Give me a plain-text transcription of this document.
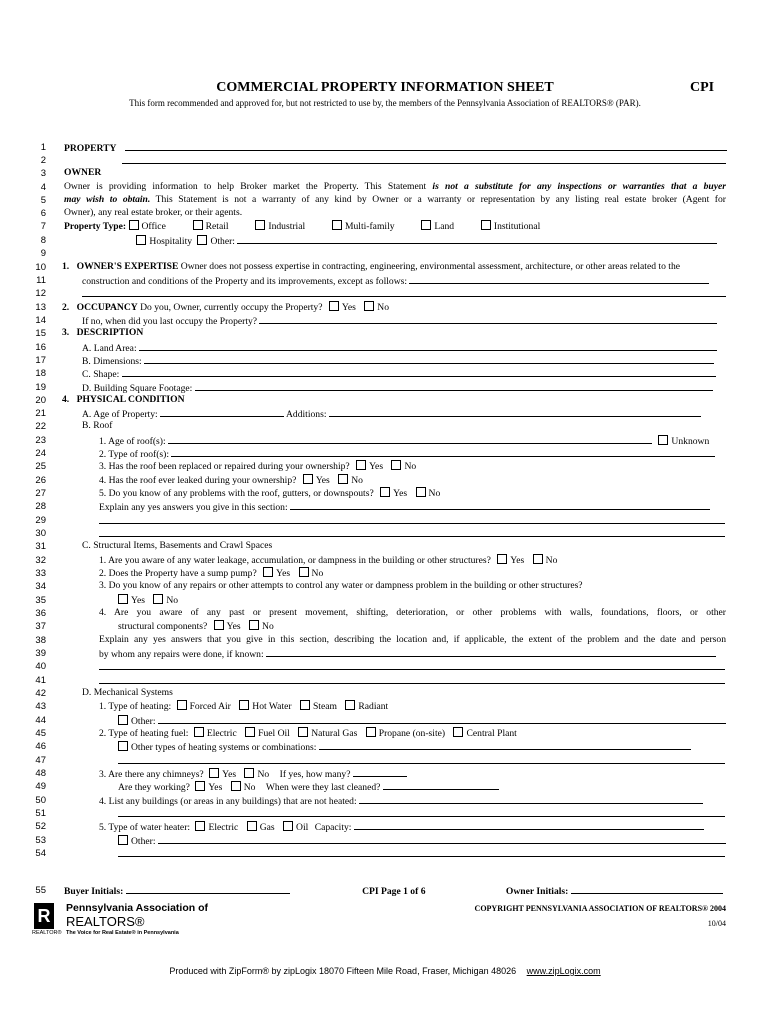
COMMERCIAL PROPERTY INFORMATION SHEET	CPI
This form recommended and approved for, but not restricted to use by, the members of the Pennsylvania Association of REALTORS® (PAR).
1
2
3
4
5
6
7
8
9
10
11
12
13
14
15
16
17
18
19
20
21
22
23
24
25
26
27
28
29
30
31
32
33
34
35
36
37
38
39
40
41
42
43
44
45
46
47
48
49
50
51
52
53
54
55
PROPERTY
OWNER
Owner is providing information to help Broker market the Property. This Statement is not a substitute for any inspections or warranties that a buyer
may wish to obtain. This Statement is not a warranty of any kind by Owner or a warranty or representation by any listing real estate broker (Agent for
Owner), any real estate broker, or their agents.
Property Type: Office	Retail	Industrial	Multi-family	Land	Institutional
Hospitality Other:
1. OWNER'S EXPERTISE Owner does not possess expertise in contracting, engineering, environmental assessment, architecture, or other areas related to the
construction and conditions of the Property and its improvements, except as follows:
2. OCCUPANCY Do you, Owner, currently occupy the Property? Yes No
If no, when did you last occupy the Property?
3. DESCRIPTION
A. Land Area:
B. Dimensions:
C. Shape:
D. Building Square Footage:
4. PHYSICAL CONDITION
A. Age of Property:	Additions:
B. Roof
1. Age of roof(s):	Unknown
2. Type of roof(s):
3. Has the roof been replaced or repaired during your ownership? Yes No
4. Has the roof ever leaked during your ownership? Yes No
5. Do you know of any problems with the roof, gutters, or downspouts? Yes No
Explain any yes answers you give in this section:
C. Structural Items, Basements and Crawl Spaces
1. Are you aware of any water leakage, accumulation, or dampness in the building or other structures? Yes No
2. Does the Property have a sump pump? Yes No
3. Do you know of any repairs or other attempts to control any water or dampness problem in the building or other structures?
Yes No
4. Are you aware of any past or present movement, shifting, deterioration, or other problems with walls, foundations, floors, or other
structural components? Yes No
Explain any yes answers that you give in this section, describing the location and, if applicable, the extent of the problem and the date and person
by whom any repairs were done, if known:
D. Mechanical Systems
1. Type of heating: Forced Air Hot Water Steam Radiant
Other:
2. Type of heating fuel: Electric Fuel Oil Natural Gas Propane (on-site) Central Plant
Other types of heating systems or combinations:
3. Are there any chimneys? Yes No If yes, how many?
Are they working? Yes No When were they last cleaned?
4. List any buildings (or areas in any buildings) that are not heated:
5. Type of water heater: Electric Gas Oil Capacity:
Other:
Buyer Initials:	CPI Page 1 of 6	Owner Initials:
R
REALTOR®
Pennsylvania Association of
REALTORS®
The Voice for Real Estate® in Pennsylvania
COPYRIGHT PENNSYLVANIA ASSOCIATION OF REALTORS® 2004
10/04
Produced with ZipForm® by zipLogix 18070 Fifteen Mile Road, Fraser, Michigan 48026 www.zipLogix.com
